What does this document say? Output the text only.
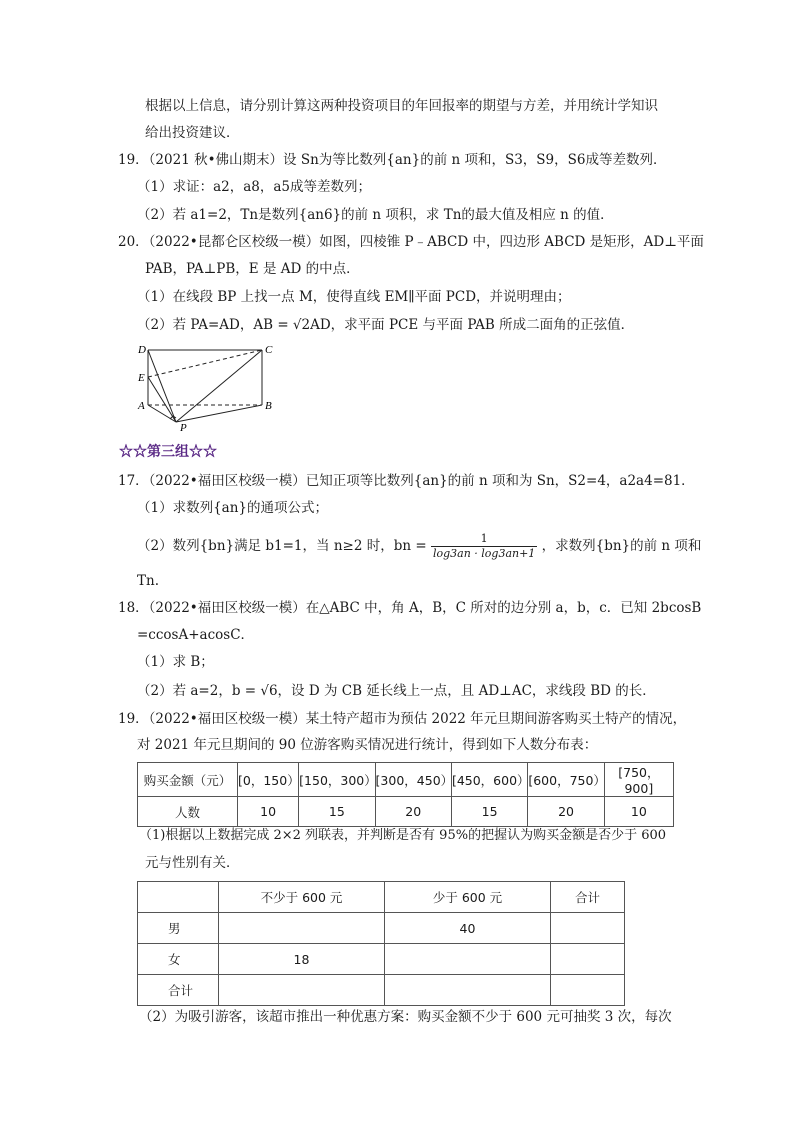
根据以上信息，请分别计算这两种投资项目的年回报率的期望与方差，并用统计学知识
给出投资建议．
19．（2021 秋•佛山期末）设 Sn为等比数列{an}的前 n 项和，S3，S9，S6成等差数列．
（1）求证：a2，a8，a5成等差数列；
（2）若 a1=2，Tn是数列{an6}的前 n 项积，求 Tn的最大值及相应 n 的值．
20．（2022•昆都仑区校级一模）如图，四棱锥 P﹣ABCD 中，四边形 ABCD 是矩形，AD⊥平面
PAB，PA⊥PB，E 是 AD 的中点．
（1）在线段 BP 上找一点 M，使得直线 EM∥平面 PCD，并说明理由；
（2）若 PA=AD，AB = √2AD，求平面 PCE 与平面 PAB 所成二面角的正弦值．
D	C
E
A	B
P
☆☆第三组☆☆
17．（2022•福田区校级一模）已知正项等比数列{an}的前 n 项和为 Sn，S2=4，a2a4=81．
（1）求数列{an}的通项公式；
（2）数列{bn}满足 b1=1，当 n≥2 时，bn = $\frac{1}{\log 3an \cdot \log 3an+1}$ ，求数列{bn}的前 n 项和
Tn.
18．（2022•福田区校级一模）在△ABC 中，角 A，B，C 所对的边分别 a，b，c．已知 2bcosB
=ccosA+acosC．
（1）求 B；
（2）若 a=2，b = √6，设 D 为 CB 延长线上一点，且 AD⊥AC，求线段 BD 的长．
19．（2022•福田区校级一模）某土特产超市为预估 2022 年元旦期间游客购买土特产的情况，
对 2021 年元旦期间的 90 位游客购买情况进行统计，得到如下人数分布表：
购买金额（元）	[0，150）	[150，300）	[300，450）	[450，600）	[600，750）	[750，900]
人数	10	15	20	15	20	10
（1)根据以上数据完成 2×2 列联表，并判断是否有 95%的把握认为购买金额是否少于 600
元与性别有关．
	不少于 600 元	少于 600 元	合计
男		40	
女	18		
合计			
（2）为吸引游客，该超市推出一种优惠方案：购买金额不少于 600 元可抽奖 3 次，每次
